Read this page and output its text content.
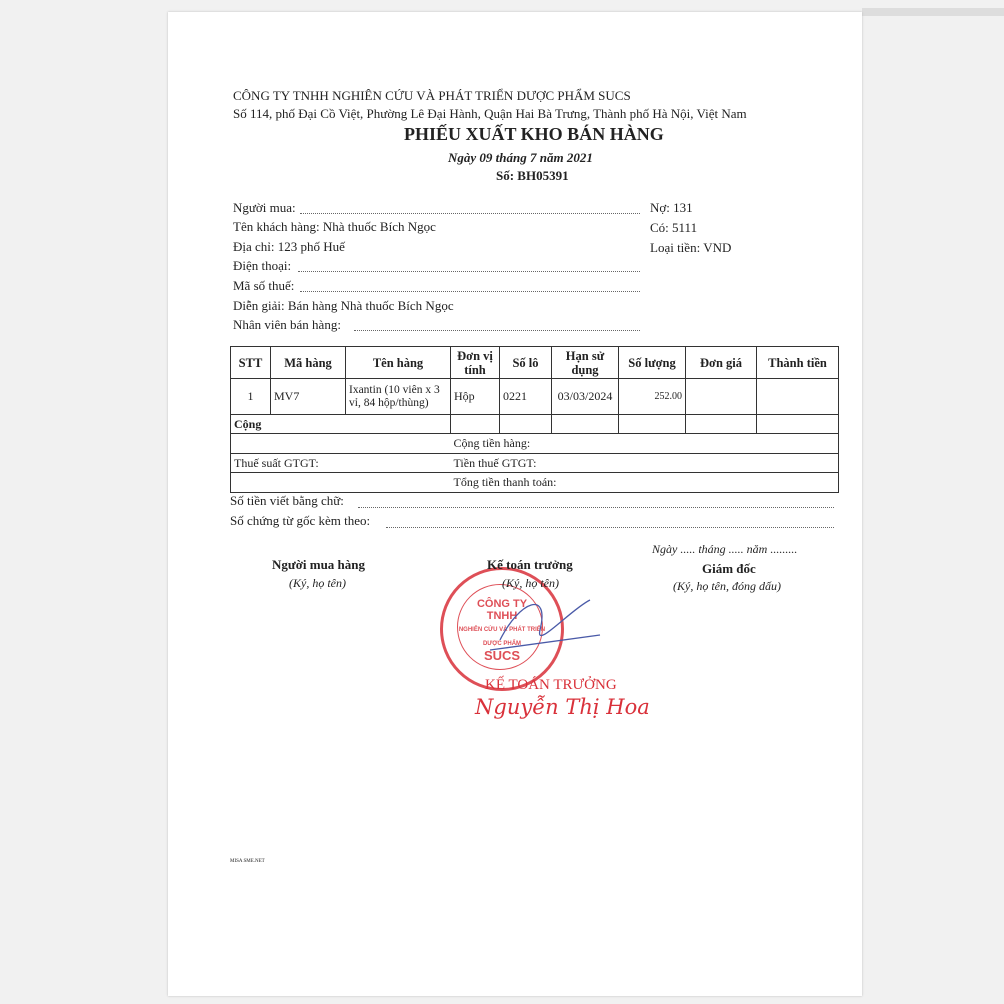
CÔNG TY TNHH NGHIÊN CỨU VÀ PHÁT TRIỂN DƯỢC PHẨM SUCS
Số 114, phố Đại Cồ Việt, Phường Lê Đại Hành, Quận Hai Bà Trưng, Thành phố Hà Nội, Việt Nam
PHIẾU XUẤT KHO BÁN HÀNG
Ngày 09 tháng 7 năm 2021
Số: BH05391
Người mua:
Tên khách hàng: Nhà thuốc Bích Ngọc
Địa chỉ: 123 phố Huế
Điện thoại:
Mã số thuế:
Diễn giải: Bán hàng Nhà thuốc Bích Ngọc
Nhân viên bán hàng:
Nợ: 131
Có: 5111
Loại tiền: VND
STT	Mã hàng	Tên hàng	Đơn vị tính	Số lô	Hạn sử dụng	Số lượng	Đơn giá	Thành tiền
1	MV7	Ixantin (10 viên x 3 vỉ, 84 hộp/thùng)	Hộp	0221	03/03/2024	252.00		
Cộng								
			Cộng tiền hàng:					
Thuế suất GTGT:			Tiền thuế GTGT:					
			Tổng tiền thanh toán:					
Số tiền viết bằng chữ:
Số chứng từ gốc kèm theo:
Ngày ..... tháng ..... năm .........
Người mua hàng
(Ký, họ tên)
CÔNG TY
TNHH
NGHIÊN CỨU VÀ PHÁT TRIỂN
DƯỢC PHẨM
SUCS
Kế toán trưởng
(Ký, họ tên)
KẾ TOÁN TRƯỞNG
Nguyễn Thị Hoa
Giám đốc
(Ký, họ tên, đóng dấu)
MISA SME.NET
